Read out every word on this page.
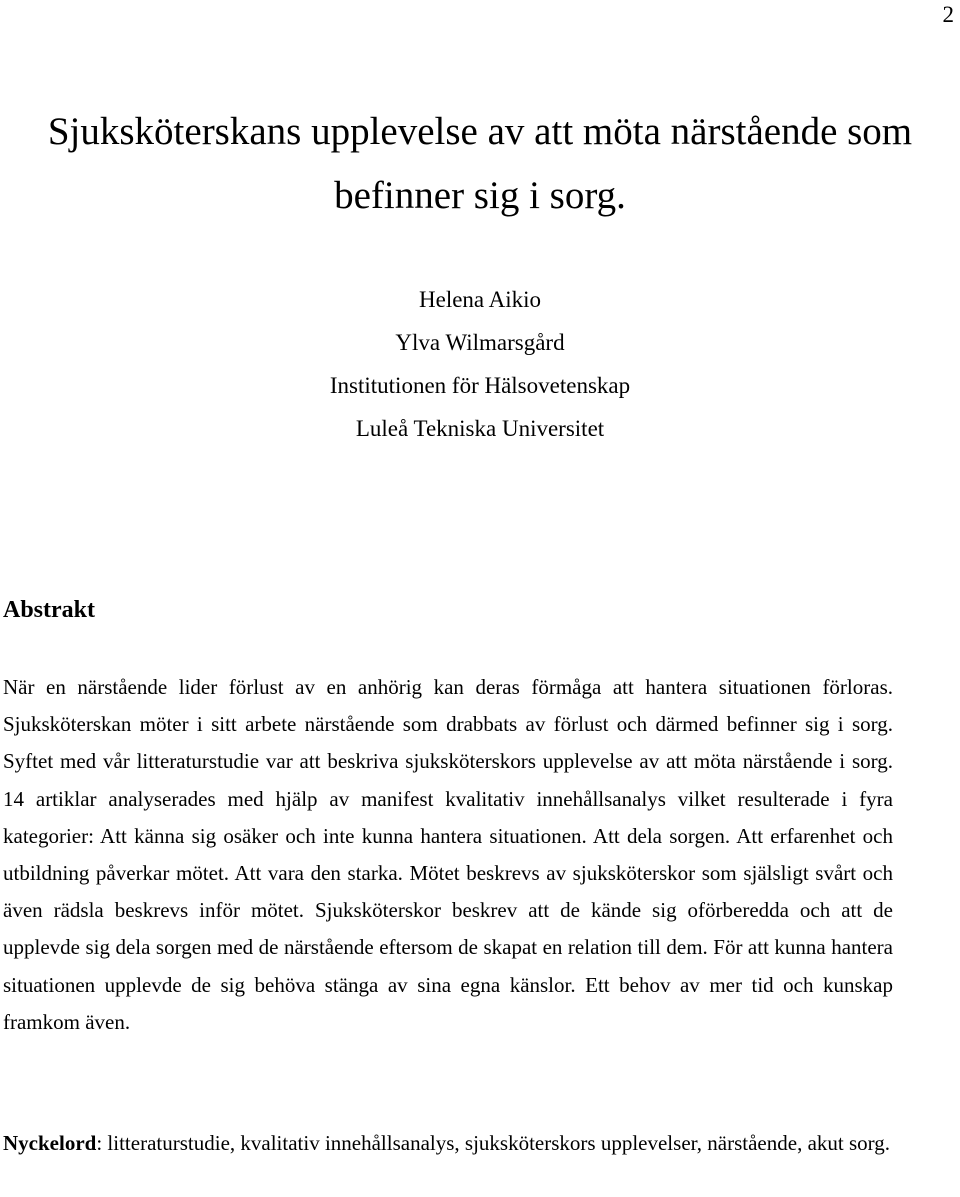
2
Sjuksköterskans upplevelse av att möta närstående som
befinner sig i sorg.
Helena Aikio
Ylva Wilmarsgård
Institutionen för Hälsovetenskap
Luleå Tekniska Universitet
Abstrakt

När en närstående lider förlust av en anhörig kan deras förmåga att hantera situationen förloras. Sjuksköterskan möter i sitt arbete närstående som drabbats av förlust och därmed befinner sig i sorg. Syftet med vår litteraturstudie var att beskriva sjuksköterskors upplevelse av att möta närstående i sorg. 14 artiklar analyserades med hjälp av manifest kvalitativ innehållsanalys vilket resulterade i fyra kategorier: Att känna sig osäker och inte kunna hantera situationen. Att dela sorgen. Att erfarenhet och utbildning påverkar mötet. Att vara den starka. Mötet beskrevs av sjuksköterskor som själsligt svårt och även rädsla beskrevs inför mötet. Sjuksköterskor beskrev att de kände sig oförberedda och att de upplevde sig dela sorgen med de närstående eftersom de skapat en relation till dem. För att kunna hantera situationen upplevde de sig behöva stänga av sina egna känslor. Ett behov av mer tid och kunskap framkom även.

Nyckelord: litteraturstudie, kvalitativ innehållsanalys, sjuksköterskors upplevelser, närstående, akut sorg.
